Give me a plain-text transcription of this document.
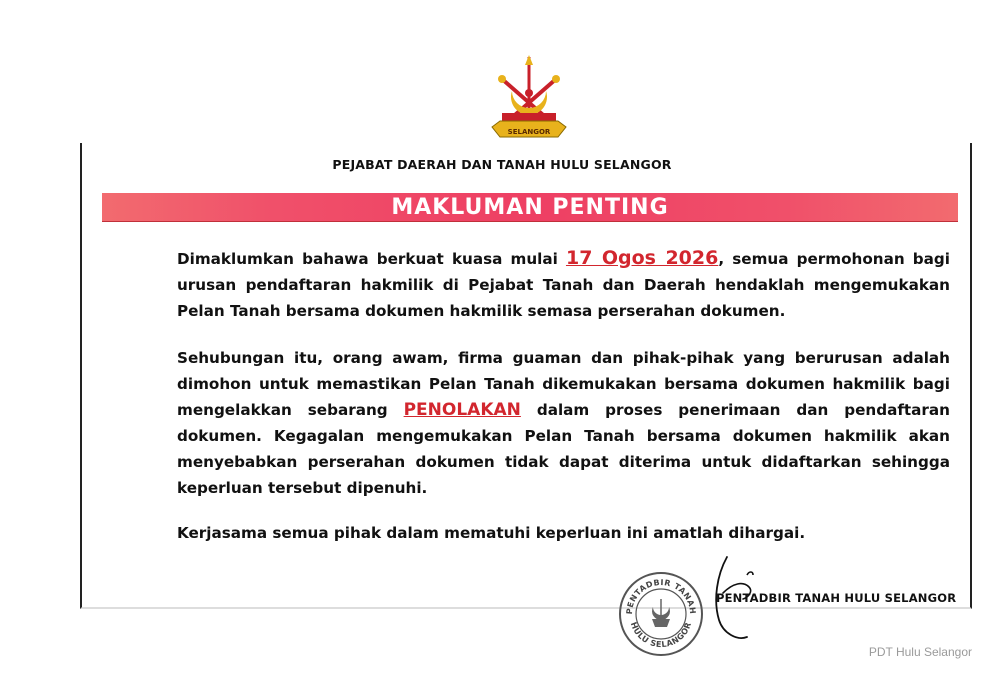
SELANGOR
PEJABAT DAERAH DAN TANAH HULU SELANGOR
MAKLUMAN PENTING
Dimaklumkan bahawa berkuat kuasa mulai 17 Ogos 2026, semua permohonan bagi urusan pendaftaran hakmilik di Pejabat Tanah dan Daerah hendaklah mengemukakan Pelan Tanah bersama dokumen hakmilik semasa perserahan dokumen.
Sehubungan itu, orang awam, firma guaman dan pihak-pihak yang berurusan adalah dimohon untuk memastikan Pelan Tanah dikemukakan bersama dokumen hakmilik bagi mengelakkan sebarang PENOLAKAN dalam proses penerimaan dan pendaftaran dokumen. Kegagalan mengemukakan Pelan Tanah bersama dokumen hakmilik akan menyebabkan perserahan dokumen tidak dapat diterima untuk didaftarkan sehingga keperluan tersebut dipenuhi.
Kerjasama semua pihak dalam mematuhi keperluan ini amatlah dihargai.
PENTADBIR TANAH
HULU SELANGOR
PENTADBIR TANAH HULU SELANGOR
PDT Hulu Selangor
